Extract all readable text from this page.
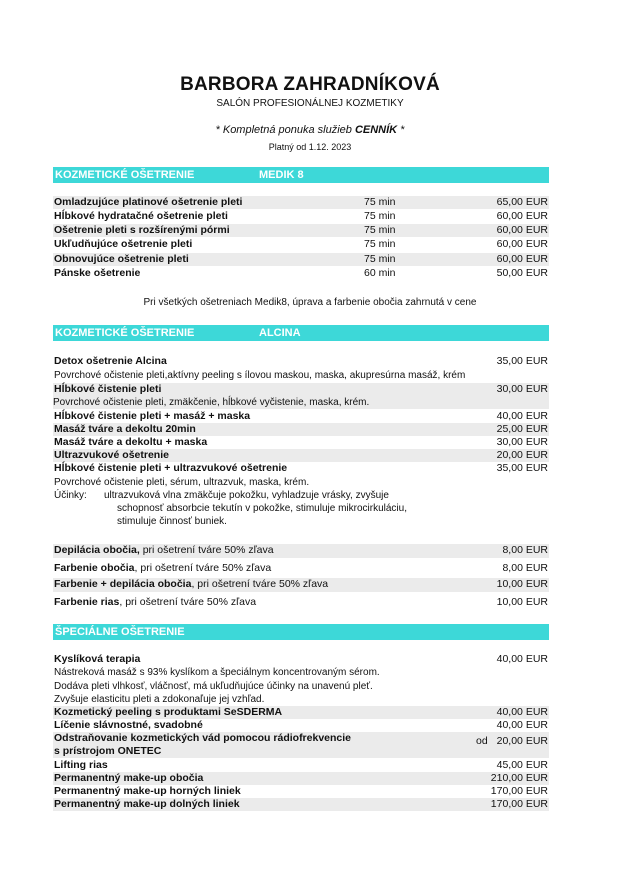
BARBORA ZAHRADNÍKOVÁ
SALÓN PROFESIONÁLNEJ KOZMETIKY
* Kompletná ponuka služieb CENNÍK *
Platný od 1.12. 2023
KOZMETICKÉ OŠETRENIE	MEDIK 8
Omladzujúce platinové ošetrenie pleti	75 min	65,00 EUR
Hĺbkové hydratačné ošetrenie pleti	75 min	60,00 EUR
Ošetrenie pleti s rozšírenými pórmi	75 min	60,00 EUR
Ukľudňujúce ošetrenie pleti	75 min	60,00 EUR
Obnovujúce ošetrenie pleti	75 min	60,00 EUR
Pánske ošetrenie	60 min	50,00 EUR
Pri všetkých ošetreniach Medik8, úprava a farbenie obočia zahrnutá v cene
KOZMETICKÉ OŠETRENIE	ALCINA
Detox ošetrenie Alcina	35,00 EUR
Povrchové očistenie pleti,aktívny peeling s ílovou maskou, maska, akupresúrna masáž, krém
Hĺbkové čistenie pleti	30,00 EUR
Povrchové očistenie pleti, zmäkčenie, hĺbkové vyčistenie, maska, krém.
Hĺbkové čistenie pleti + masáž + maska	40,00 EUR
Masáž tváre a dekoltu 20min	25,00 EUR
Masáž tváre a dekoltu + maska	30,00 EUR
Ultrazvukové ošetrenie	20,00 EUR
Hĺbkové čistenie pleti + ultrazvukové ošetrenie	35,00 EUR
Povrchové očistenie pleti, sérum, ultrazvuk, maska, krém.
Účinky: ultrazvuková vlna zmäkčuje pokožku, vyhladzuje vrásky, zvyšuje
schopnosť absorbcie tekutín v pokožke, stimuluje mikrocirkuláciu,
stimuluje činnosť buniek.
Depilácia obočia, pri ošetrení tváre 50% zľava	8,00 EUR
Farbenie obočia, pri ošetrení tváre 50% zľava	8,00 EUR
Farbenie + depilácia obočia, pri ošetrení tváre 50% zľava	10,00 EUR
Farbenie rias, pri ošetrení tváre 50% zľava	10,00 EUR
ŠPECIÁLNE OŠETRENIE
Kyslíková terapia	40,00 EUR
Nástreková masáž s 93% kyslíkom a špeciálnym koncentrovaným sérom.
Dodáva pleti vlhkosť, vláčnosť, má ukľudňujúce účinky na unavenú pleť.
Zvyšuje elasticitu pleti a zdokonaľuje jej vzhľad.
Kozmetický peeling s produktami SeSDERMA	40,00 EUR
Líčenie slávnostné, svadobné	40,00 EUR
Odstraňovanie kozmetických vád pomocou rádiofrekvencie
s prístrojom ONETEC
od 20,00 EUR
Lifting rias	45,00 EUR
Permanentný make-up obočia	210,00 EUR
Permanentný make-up horných liniek	170,00 EUR
Permanentný make-up dolných liniek	170,00 EUR
